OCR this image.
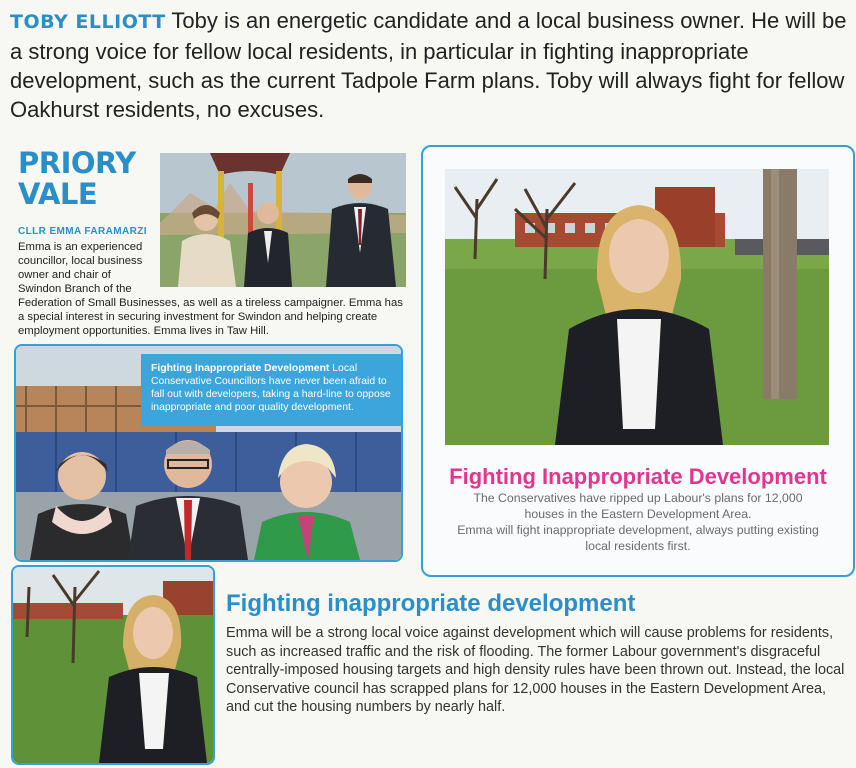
TOBY ELLIOTT Toby is an energetic candidate and a local business owner. He will be a strong voice for fellow local residents, in particular in fighting inappropriate development, such as the current Tadpole Farm plans. Toby will always fight for fellow Oakhurst residents, no excuses.
PRIORY
VALE
CLLR EMMA FARAMARZI
Emma is an experienced councillor, local business owner and chair of Swindon Branch of the
Federation of Small Businesses, as well as a tireless campaigner. Emma has a special interest in securing investment for Swindon and helping create employment opportunities. Emma lives in Taw Hill.
Fighting Inappropriate Development Local Conservative Councillors have never been afraid to fall out with developers, taking a hard-line to oppose inappropriate and poor quality development.
Fighting Inappropriate Development
The Conservatives have ripped up Labour's plans for 12,000
houses in the Eastern Development Area.
Emma will fight inappropriate development, always putting existing
local residents first.
Fighting inappropriate development
Emma will be a strong local voice against development which will cause problems for residents, such as increased traffic and the risk of flooding. The former Labour government's disgraceful centrally-imposed housing targets and high density rules have been thrown out. Instead, the local Conservative council has scrapped plans for 12,000 houses in the Eastern Development Area, and cut the housing numbers by nearly half.
